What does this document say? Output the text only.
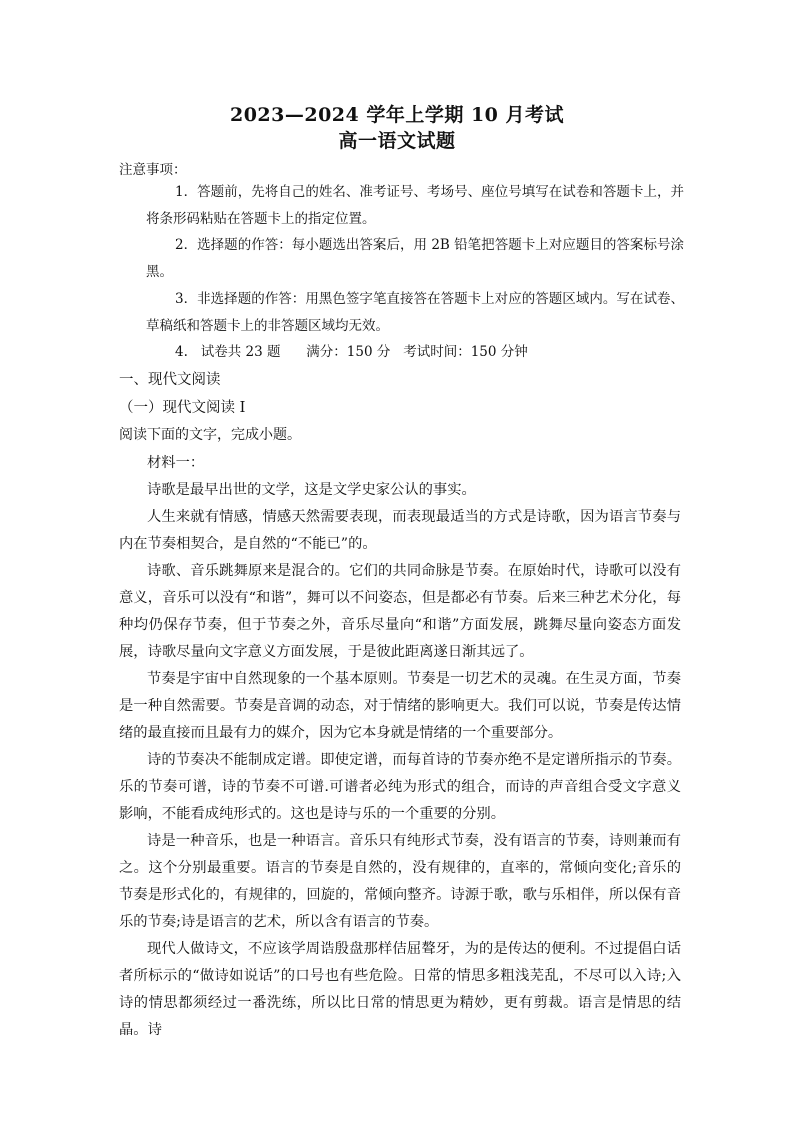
2023—2024 学年上学期 10 月考试
高一语文试题
注意事项：
1．答题前，先将自己的姓名、准考证号、考场号、座位号填写在试卷和答题卡上，并将条形码粘贴在答题卡上的指定位置。
2．选择题的作答：每小题选出答案后，用 2B 铅笔把答题卡上对应题目的答案标号涂黑。
3．非选择题的作答：用黑色签字笔直接答在答题卡上对应的答题区域内。写在试卷、草稿纸和答题卡上的非答题区域均无效。
4.   试卷共 23 题      满分：150 分   考试时间：150 分钟
一、现代文阅读
（一）现代文阅读 Ⅰ
阅读下面的文字，完成小题。

材料一：

诗歌是最早出世的文学，这是文学史家公认的事实。

人生来就有情感，情感天然需要表现，而表现最适当的方式是诗歌，因为语言节奏与内在节奏相契合，是自然的“不能已”的。

诗歌、音乐跳舞原来是混合的。它们的共同命脉是节奏。在原始时代，诗歌可以没有意义，音乐可以没有“和谐”，舞可以不问姿态，但是都必有节奏。后来三种艺术分化，每种均仍保存节奏，但于节奏之外，音乐尽量向“和谐”方面发展，跳舞尽量向姿态方面发展，诗歌尽量向文字意义方面发展，于是彼此距离遂日渐其远了。

节奏是宇宙中自然现象的一个基本原则。节奏是一切艺术的灵魂。在生灵方面，节奏是一种自然需要。节奏是音调的动态，对于情绪的影响更大。我们可以说，节奏是传达情绪的最直接而且最有力的媒介，因为它本身就是情绪的一个重要部分。

诗的节奏决不能制成定谱。即使定谱，而每首诗的节奏亦绝不是定谱所指示的节奏。乐的节奏可谱，诗的节奏不可谱.可谱者必纯为形式的组合，而诗的声音组合受文字意义影响，不能看成纯形式的。这也是诗与乐的一个重要的分别。

诗是一种音乐，也是一种语言。音乐只有纯形式节奏，没有语言的节奏，诗则兼而有之。这个分别最重要。语言的节奏是自然的，没有规律的，直率的，常倾向变化;音乐的节奏是形式化的，有规律的，回旋的，常倾向整齐。诗源于歌，歌与乐相伴，所以保有音乐的节奏;诗是语言的艺术，所以含有语言的节奏。

现代人做诗文，不应该学周诰殷盘那样佶屈聱牙，为的是传达的便利。不过提倡白话者所标示的“做诗如说话”的口号也有些危险。日常的情思多粗浅芜乱，不尽可以入诗;入诗的情思都须经过一番洗练，所以比日常的情思更为精妙，更有剪裁。语言是情思的结晶。诗
